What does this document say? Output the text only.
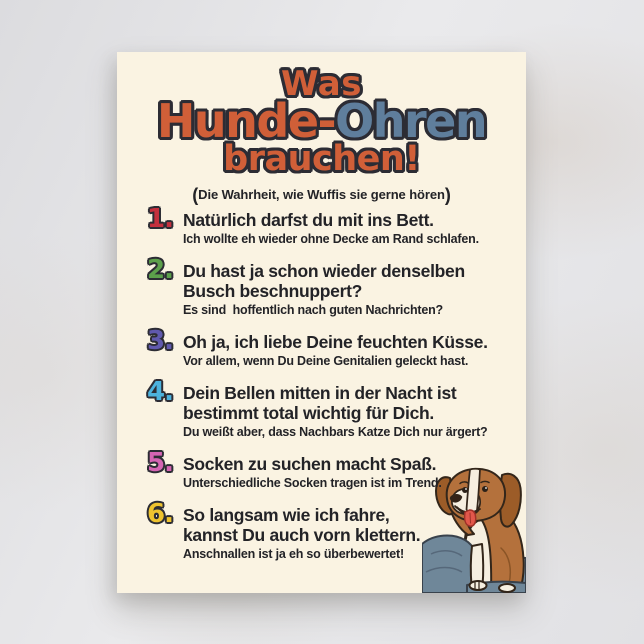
Was
Hunde-Ohren
brauchen!
(Die Wahrheit, wie Wuffis sie gerne hören)
1. Natürlich darfst du mit ins Bett.
Ich wollte eh wieder ohne Decke am Rand schlafen.
2. Du hast ja schon wieder denselben
Busch beschnuppert?
Es sind  hoffentlich nach guten Nachrichten?
3. Oh ja, ich liebe Deine feuchten Küsse.
Vor allem, wenn Du Deine Genitalien geleckt hast.
4. Dein Bellen mitten in der Nacht ist
bestimmt total wichtig für Dich.
Du weißt aber, dass Nachbars Katze Dich nur ärgert?
5. Socken zu suchen macht Spaß.
Unterschiedliche Socken tragen ist im Trend.
6. So langsam wie ich fahre,
kannst Du auch vorn klettern.
Anschnallen ist ja eh so überbewertet!
